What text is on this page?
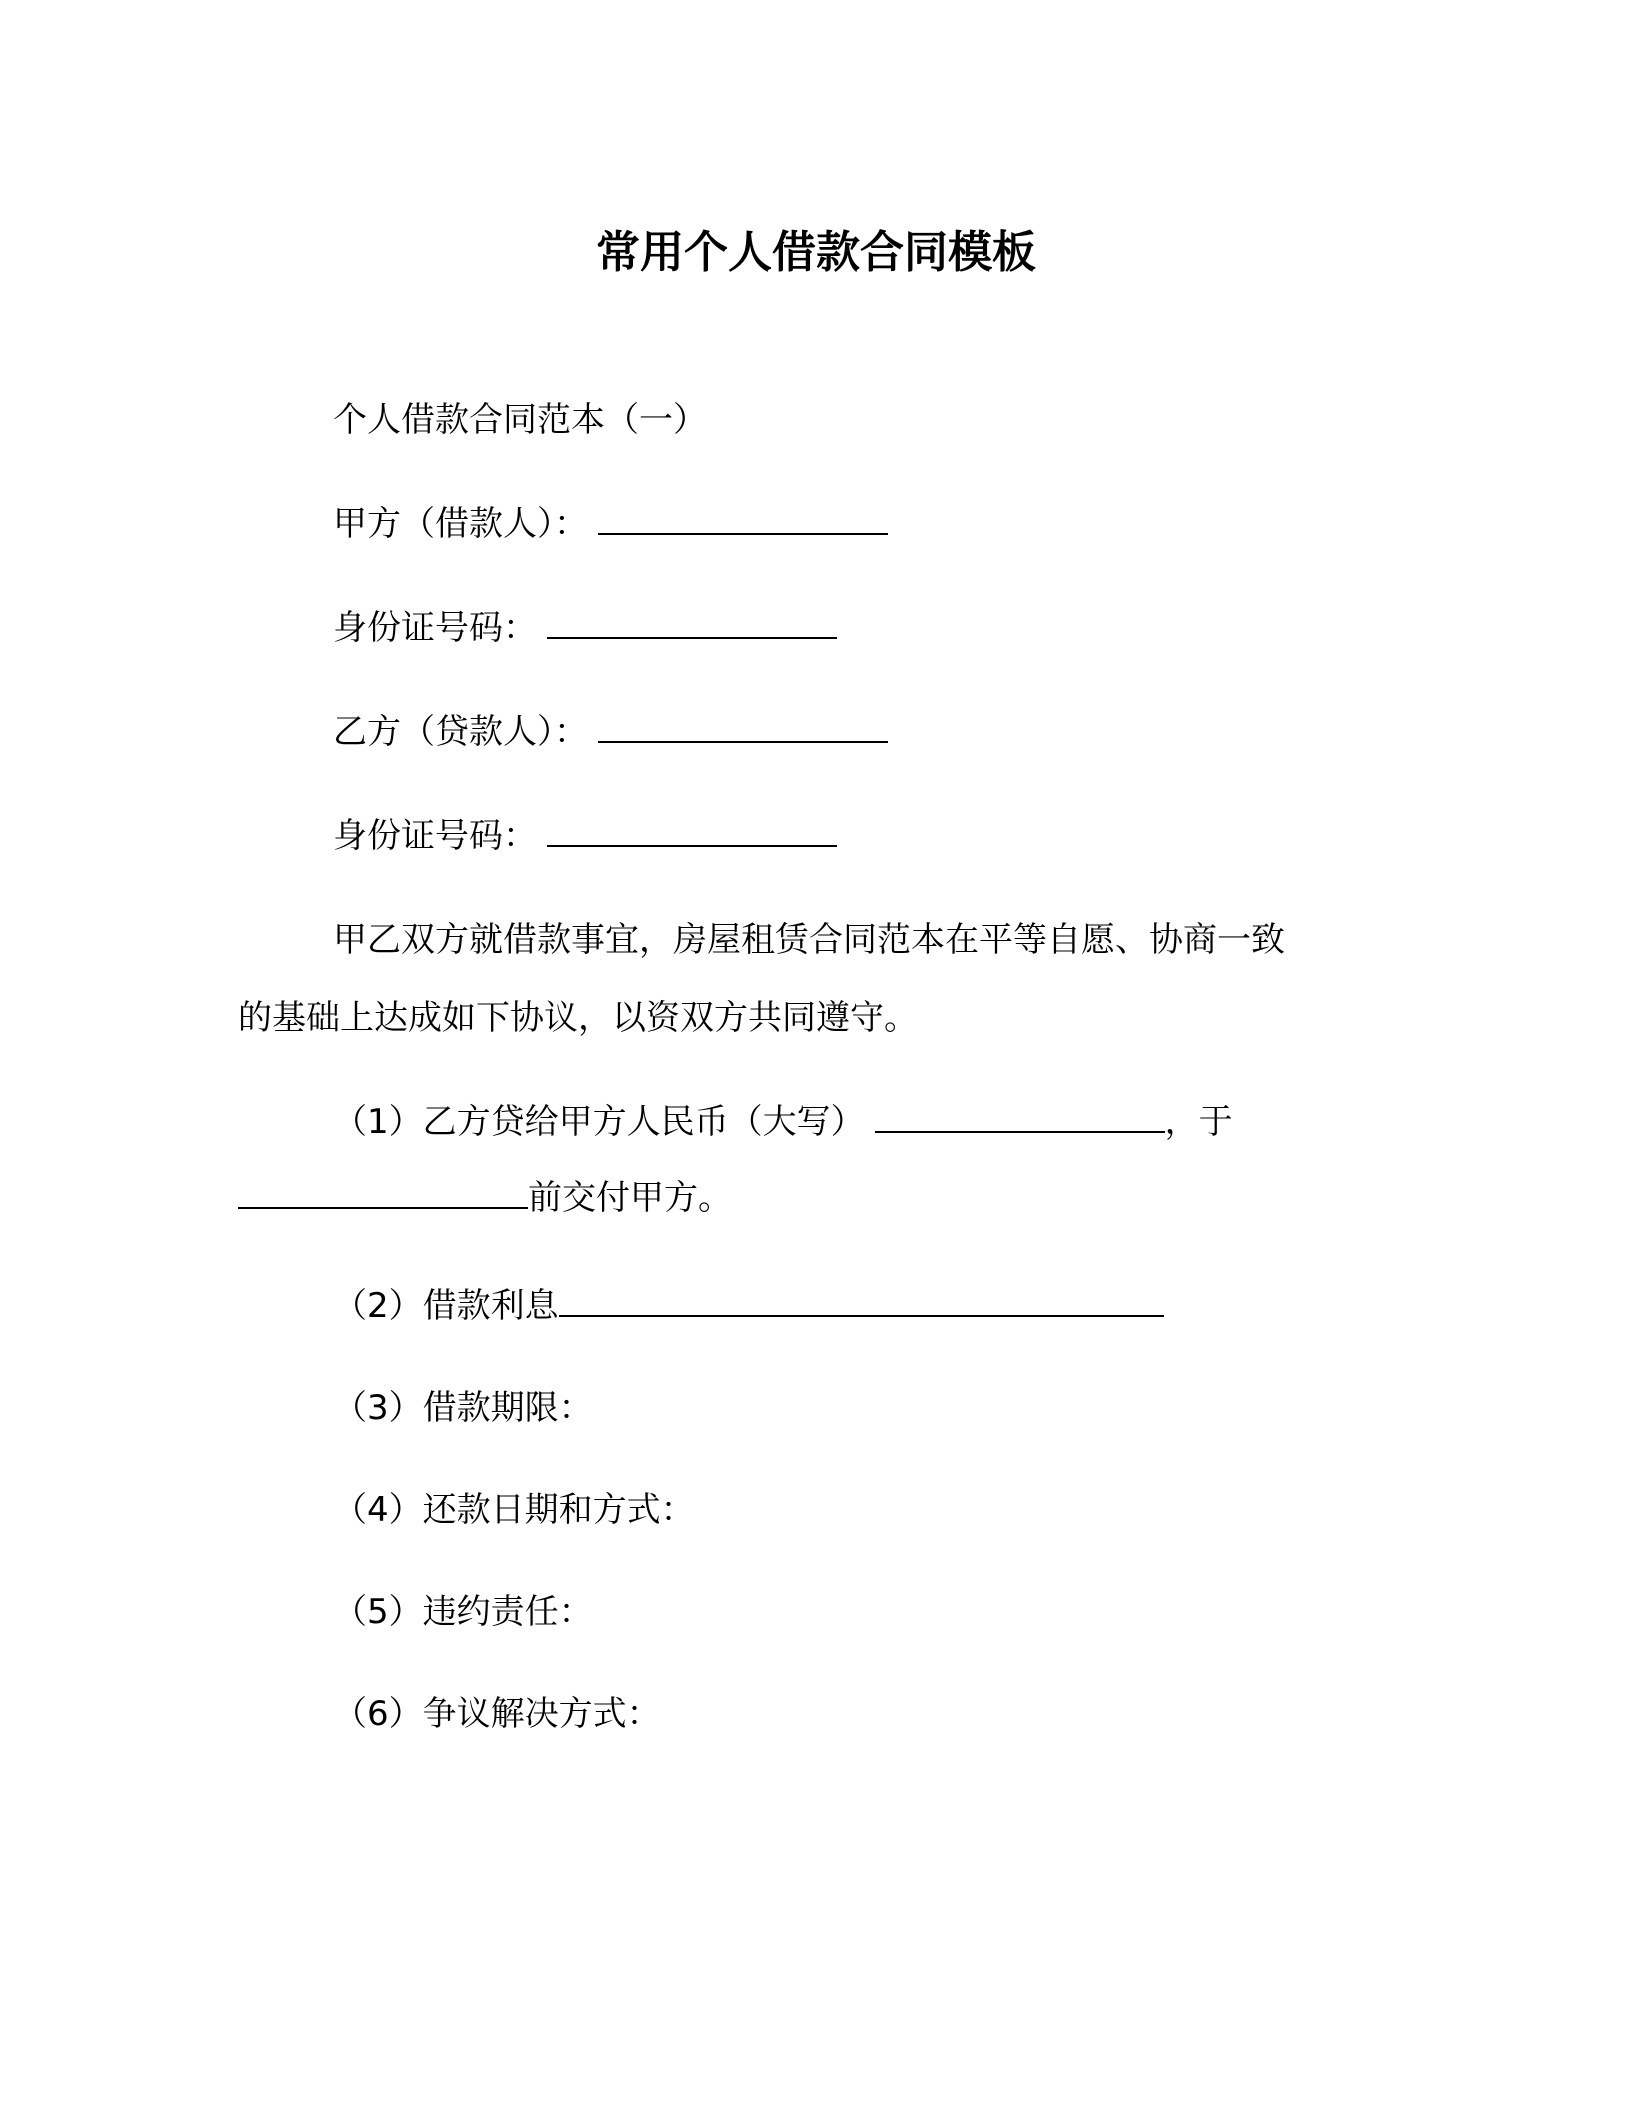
常用个人借款合同模板
个人借款合同范本（一）
甲方（借款人）：
身份证号码：
乙方（贷款人）：
身份证号码：
甲乙双方就借款事宜，房屋租赁合同范本在平等自愿、协商一致
的基础上达成如下协议，以资双方共同遵守。
（1）乙方贷给甲方人民币（大写）	，于
前交付甲方。
（2）借款利息
（3）借款期限：
（4）还款日期和方式：
（5）违约责任：
（6）争议解决方式：
